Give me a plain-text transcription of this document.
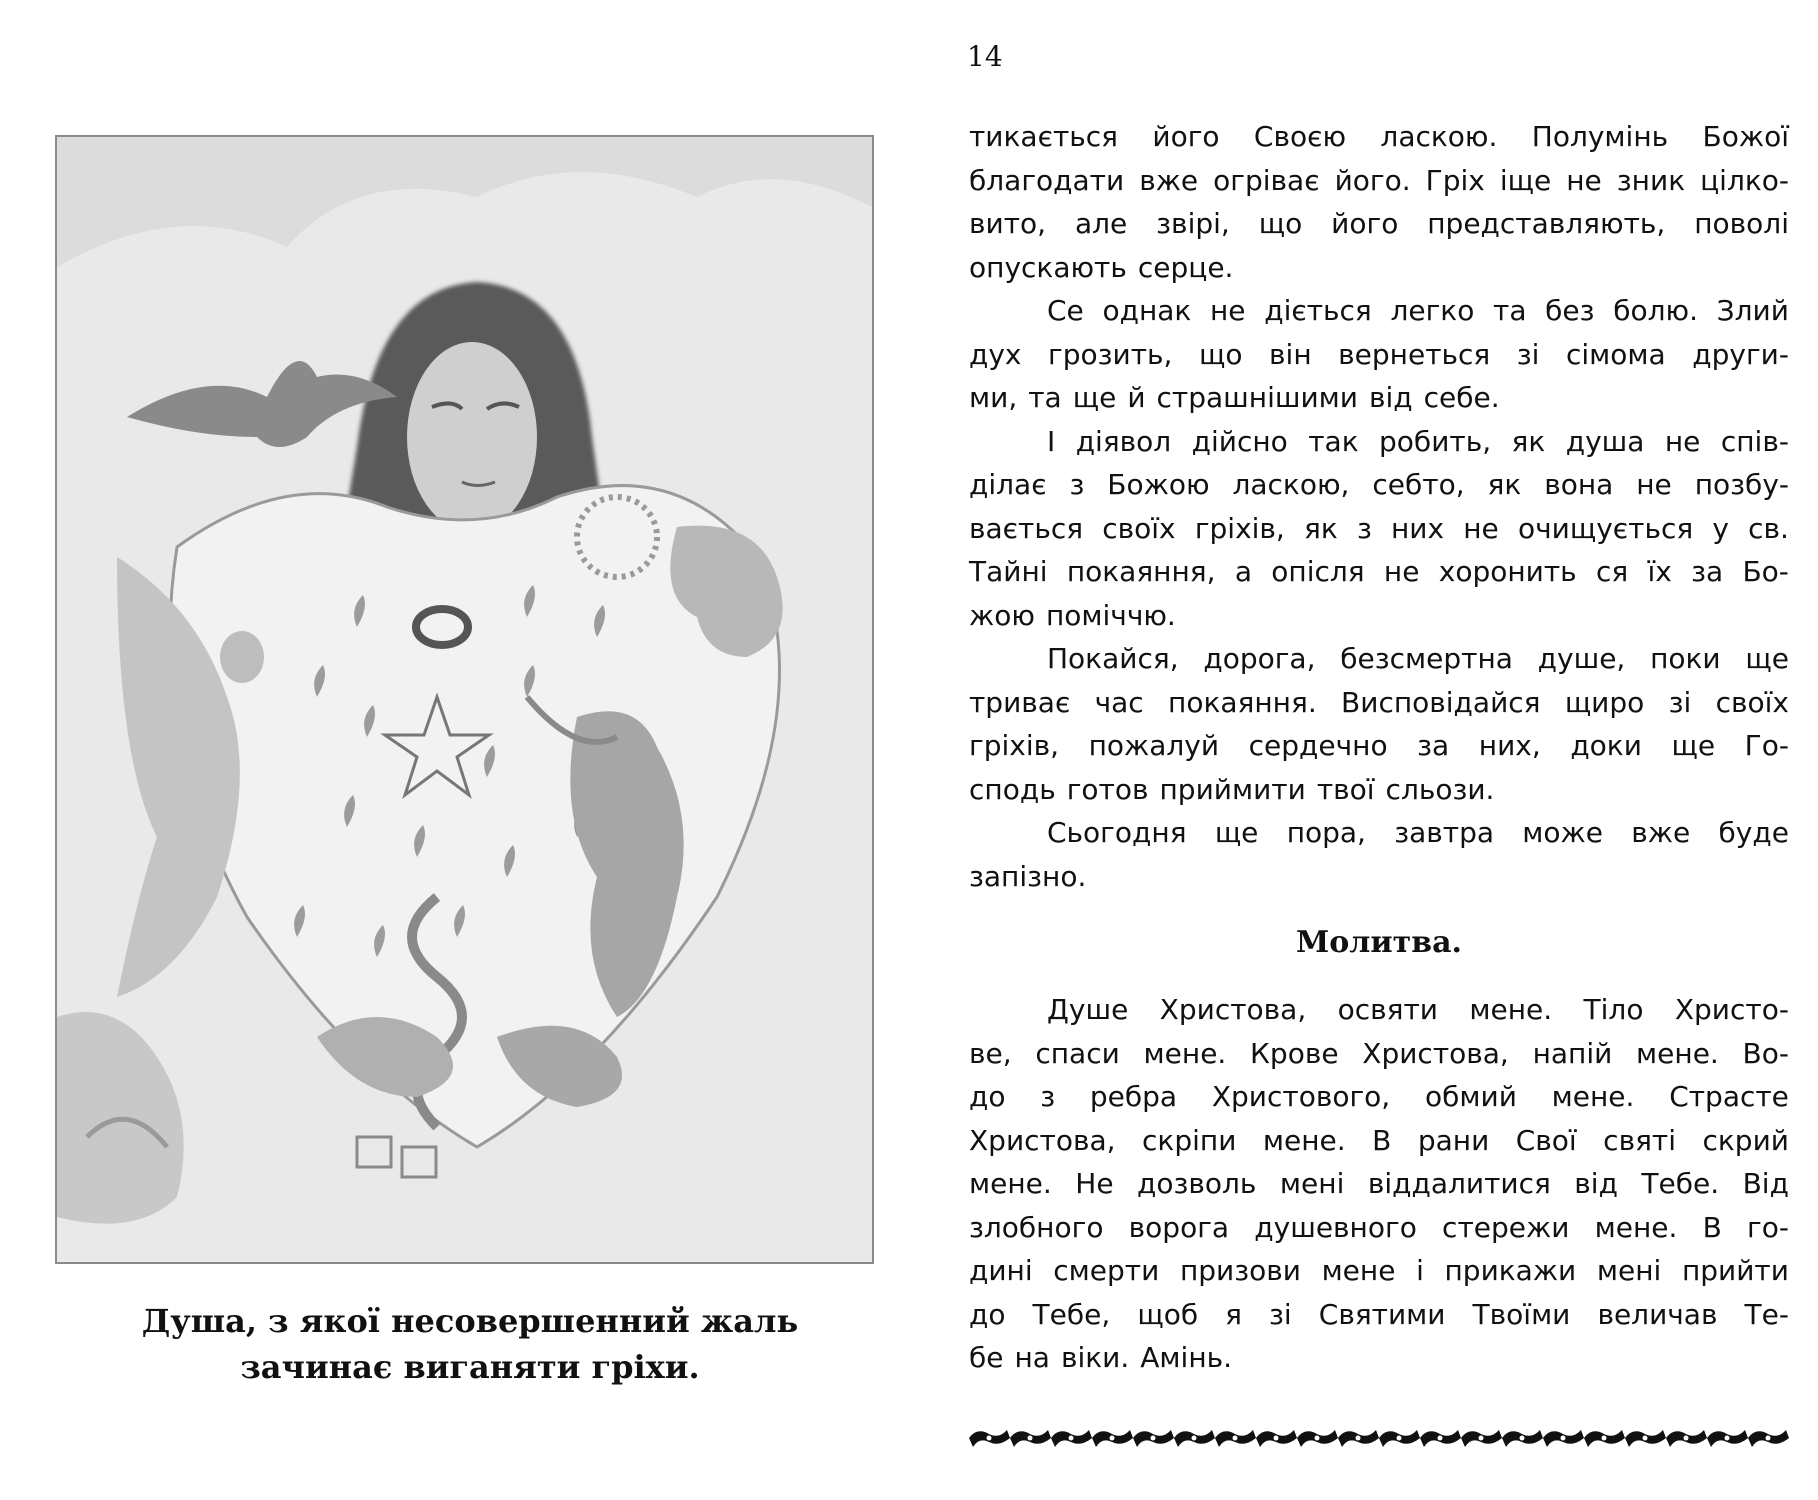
Душа, з якої несовершенний жаль
зачинає виганяти гріхи.
14
тикається його Своєю ласкою. Полумінь Божої
благодати вже огріває його. Гріх іще не зник цілко-
вито, але звірі, що його представляють, поволі
опускають серце.
Се однак не діється легко та без болю. Злий
дух грозить, що він вернеться зі сімома други-
ми, та ще й страшнішими від себе.
І діявол дійсно так робить, як душа не спів-
ділає з Божою ласкою, себто, як вона не позбу-
вається своїх гріхів, як з них не очищується у св.
Тайні покаяння, а опісля не хоронить ся їх за Бо-
жою поміччю.
Покайся, дорога, безсмертна душе, поки ще
триває час покаяння. Висповідайся щиро зі своїх
гріхів, пожалуй сердечно за них, доки ще Го-
сподь готов приймити твої сльози.
Сьогодня ще пора, завтра може вже буде
запізно.
Молитва.
Душе Христова, освяти мене. Тіло Христо-
ве, спаси мене. Крове Христова, напій мене. Во-
до з ребра Христового, обмий мене. Страсте
Христова, скріпи мене. В рани Свої святі скрий
мене. Не дозволь мені віддалитися від Тебе. Від
злобного ворога душевного стережи мене. В го-
дині смерти призови мене і прикажи мені прийти
до Тебе, щоб я зі Святими Твоїми величав Те-
бе на віки. Амінь.
